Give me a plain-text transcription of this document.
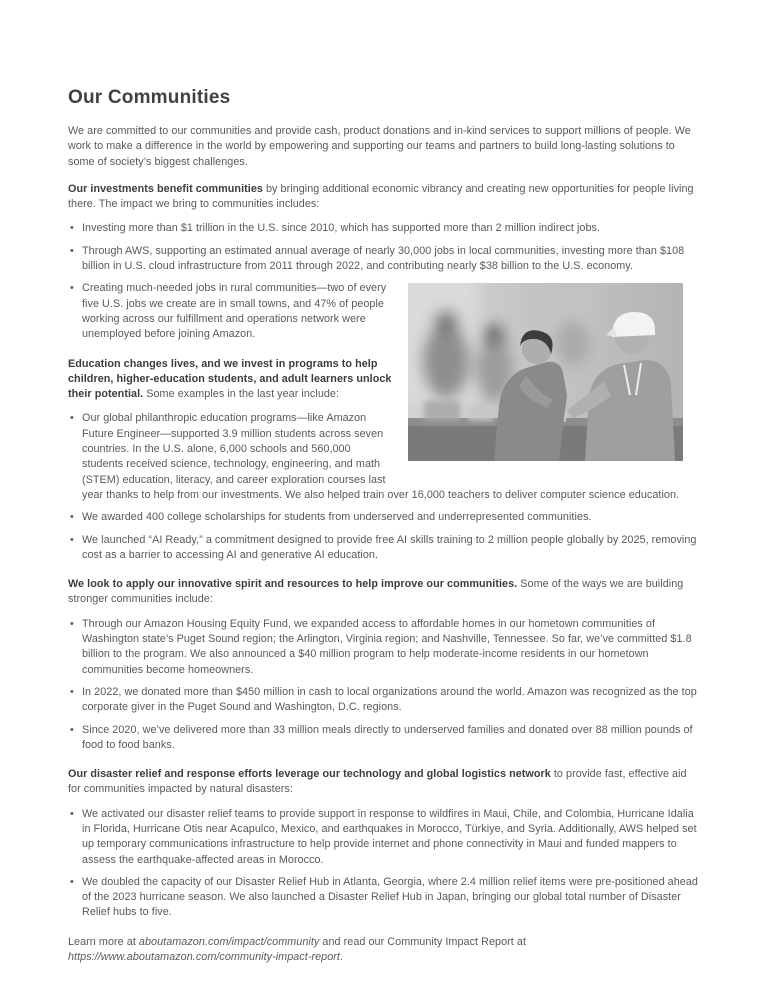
Our Communities

We are committed to our communities and provide cash, product donations and in-kind services to support millions of people. We work to make a difference in the world by empowering and supporting our teams and partners to build long-lasting solutions to some of society’s biggest challenges.

Our investments benefit communities by bringing additional economic vibrancy and creating new opportunities for people living there. The impact we bring to communities includes:

• Investing more than $1 trillion in the U.S. since 2010, which has supported more than 2 million indirect jobs.
• Through AWS, supporting an estimated annual average of nearly 30,000 jobs in local communities, investing more than $108 billion in U.S. cloud infrastructure from 2011 through 2022, and contributing nearly $38 billion to the U.S. economy.
• Creating much-needed jobs in rural communities—two of every five U.S. jobs we create are in small towns, and 47% of people working across our fulfillment and operations network were unemployed before joining Amazon.

Education changes lives, and we invest in programs to help children, higher-education students, and adult learners unlock their potential. Some examples in the last year include:

• Our global philanthropic education programs—like Amazon Future Engineer—supported 3.9 million students across seven countries. In the U.S. alone, 6,000 schools and 560,000 students received science, technology, engineering, and math (STEM) education, literacy, and career exploration courses last year thanks to help from our investments. We also helped train over 16,000 teachers to deliver computer science education.
• We awarded 400 college scholarships for students from underserved and underrepresented communities.
• We launched “AI Ready,” a commitment designed to provide free AI skills training to 2 million people globally by 2025, removing cost as a barrier to accessing AI and generative AI education.

We look to apply our innovative spirit and resources to help improve our communities. Some of the ways we are building stronger communities include:

• Through our Amazon Housing Equity Fund, we expanded access to affordable homes in our hometown communities of Washington state’s Puget Sound region; the Arlington, Virginia region; and Nashville, Tennessee. So far, we’ve committed $1.8 billion to the program. We also announced a $40 million program to help moderate-income residents in our hometown communities become homeowners.
• In 2022, we donated more than $450 million in cash to local organizations around the world. Amazon was recognized as the top corporate giver in the Puget Sound and Washington, D.C. regions.
• Since 2020, we’ve delivered more than 33 million meals directly to underserved families and donated over 88 million pounds of food to food banks.

Our disaster relief and response efforts leverage our technology and global logistics network to provide fast, effective aid for communities impacted by natural disasters:

• We activated our disaster relief teams to provide support in response to wildfires in Maui, Chile, and Colombia, Hurricane Idalia in Florida, Hurricane Otis near Acapulco, Mexico, and earthquakes in Morocco, Türkiye, and Syria. Additionally, AWS helped set up temporary communications infrastructure to help provide internet and phone connectivity in Maui and funded mappers to assess the earthquake-affected areas in Morocco.
• We doubled the capacity of our Disaster Relief Hub in Atlanta, Georgia, where 2.4 million relief items were pre-positioned ahead of the 2023 hurricane season. We also launched a Disaster Relief Hub in Japan, bringing our global total number of Disaster Relief hubs to five.

Learn more at aboutamazon.com/impact/community and read our Community Impact Report at https://www.aboutamazon.com/community-impact-report.
